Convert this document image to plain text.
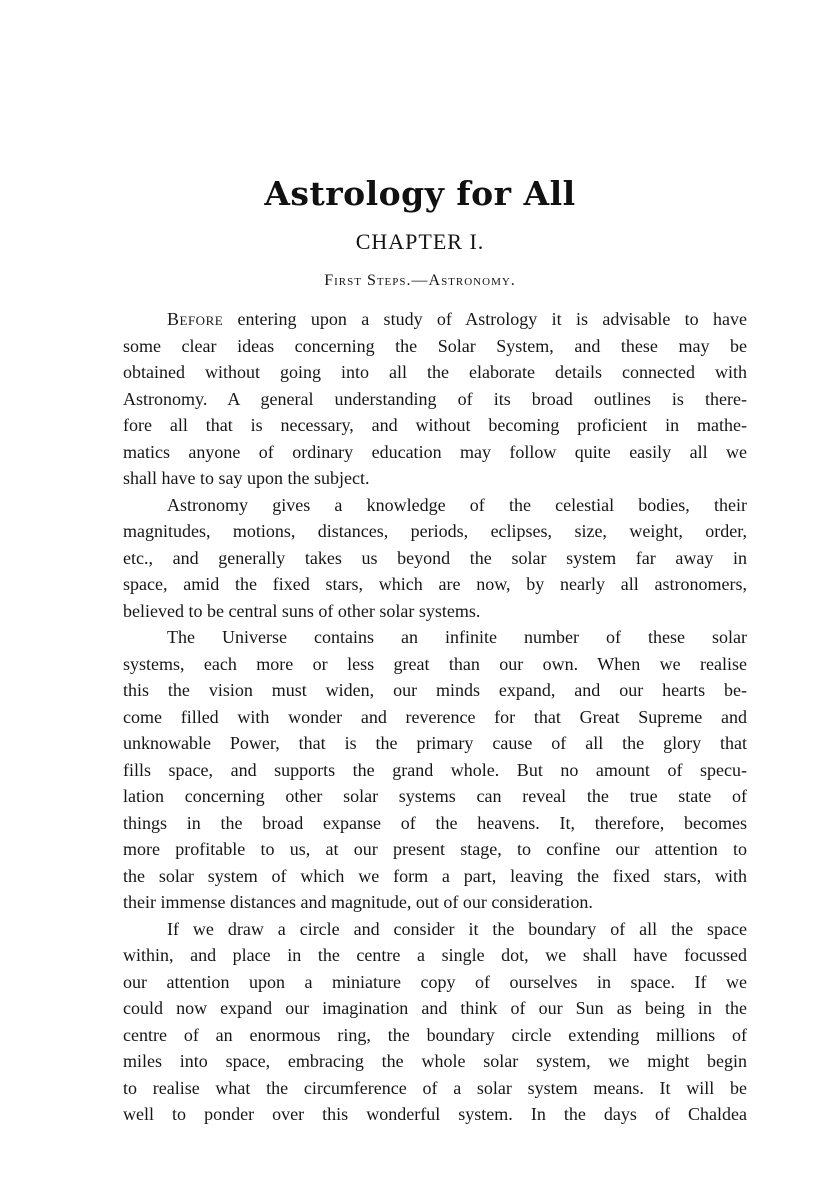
Astrology for All
CHAPTER I.
First Steps.—Astronomy.
Before entering upon a study of Astrology it is advisable to have
some clear ideas concerning the Solar System, and these may be
obtained without going into all the elaborate details connected with
Astronomy. A general understanding of its broad outlines is there-
fore all that is necessary, and without becoming proficient in mathe-
matics anyone of ordinary education may follow quite easily all we
shall have to say upon the subject.
Astronomy gives a knowledge of the celestial bodies, their
magnitudes, motions, distances, periods, eclipses, size, weight, order,
etc., and generally takes us beyond the solar system far away in
space, amid the fixed stars, which are now, by nearly all astronomers,
believed to be central suns of other solar systems.
The Universe contains an infinite number of these solar
systems, each more or less great than our own. When we realise
this the vision must widen, our minds expand, and our hearts be-
come filled with wonder and reverence for that Great Supreme and
unknowable Power, that is the primary cause of all the glory that
fills space, and supports the grand whole. But no amount of specu-
lation concerning other solar systems can reveal the true state of
things in the broad expanse of the heavens. It, therefore, becomes
more profitable to us, at our present stage, to confine our attention to
the solar system of which we form a part, leaving the fixed stars, with
their immense distances and magnitude, out of our consideration.
If we draw a circle and consider it the boundary of all the space
within, and place in the centre a single dot, we shall have focussed
our attention upon a miniature copy of ourselves in space. If we
could now expand our imagination and think of our Sun as being in the
centre of an enormous ring, the boundary circle extending millions of
miles into space, embracing the whole solar system, we might begin
to realise what the circumference of a solar system means. It will be
well to ponder over this wonderful system. In the days of Chaldea
